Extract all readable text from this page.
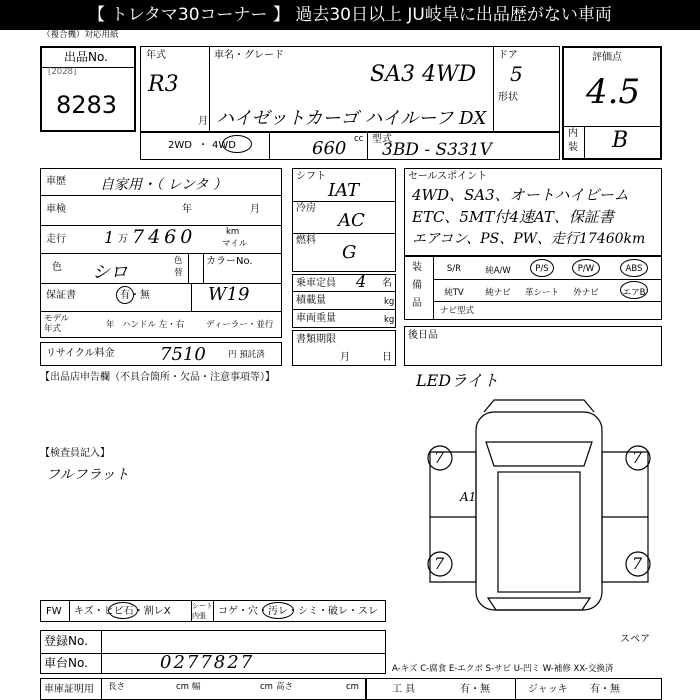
【 トレタマ30コーナー 】 過去30日以上 JU岐阜に出品歴がない車両
（複合機）対応用紙
出品No.
[2028]
8283
年式
R3
月
車名・グレード
SA3 4WD
ハイゼットカーゴ ハイルーフ DX
ドア
5
形状
評価点
4.5
内
装 B
2WD ・ 4WD
cc
660	型式
3BD - S331V
車歴 自家用・（ レンタ ）
車検	年	月
走行 1 万 7460	km
マイル
色 シロ
色
替
カラーNo.
W19
保証書	有・無
モデル
年式	年 ハンドル 左・右	ディーラー・並行
リサイクル料金	7510	円 預託済
シフト
IAT
冷房
AC
燃料
G
乗車定員 4 名
積載量	kg
車両重量	kg
書類期限
月	日
セールスポイント
4WD、SA3、オートハイビーム
ETC、5MT付4速AT、保証書
エアコン、PS、PW、走行17460km
装
備
品
S/R	純A/W	P/S	P/W	ABS
純TV	純ナビ	革シート	外ナビ	エアB
ナビ型式
後日品
【出品店申告欄（不具合箇所・欠品・注意事項等）】	LEDライト
【検査員記入】
フルフラット
7	7
7	7
A1
スペア
FW キズ・ヒビ石・割レX	シート
内張 コゲ・穴・汚レ・シミ・破レ・スレ
登録No.
車台No.	0277827
車庫証明用 長さ	cm 幅	cm 高さ	cm
A-キズ C-腐食 E-エクボ S-サビ U-凹ミ W-補修 XX-交換済
工 具	有・無	ジャッキ 有・無
